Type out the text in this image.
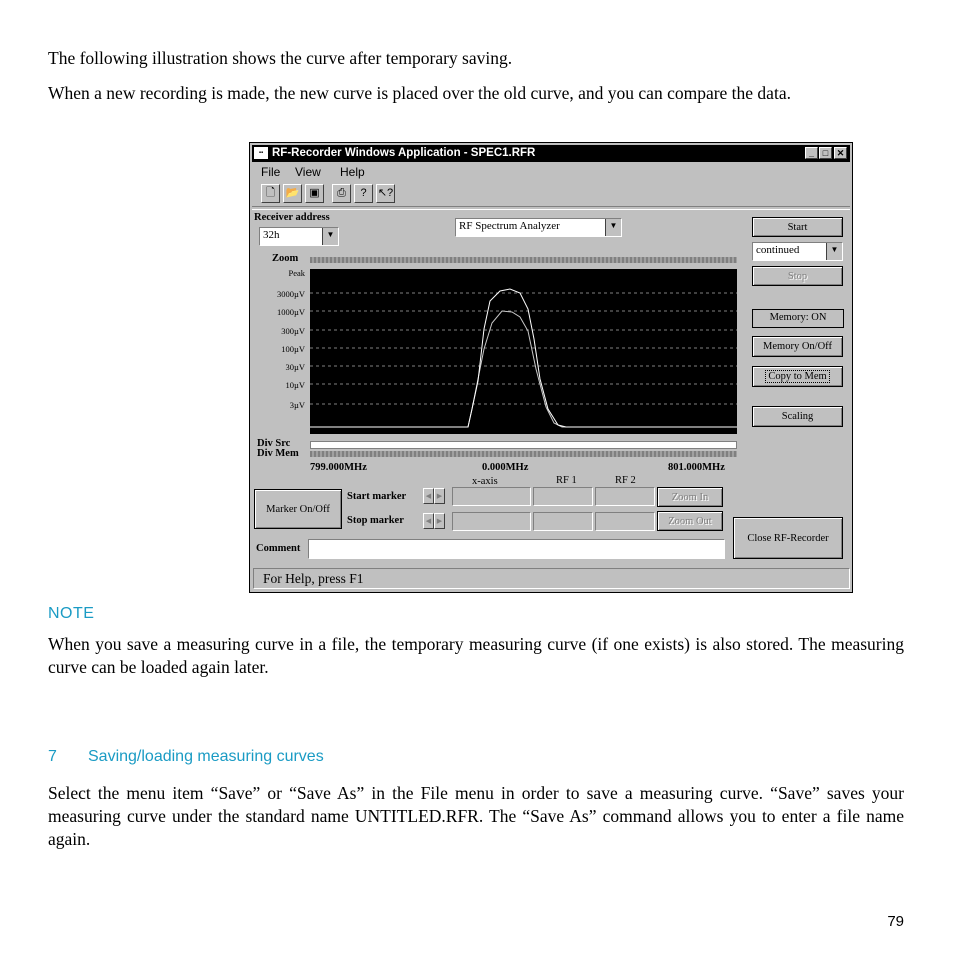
The following illustration shows the curve after temporary saving.

When a new recording is made, the new curve is placed over the old curve, and you can compare the data.

▪▪ RF-Recorder Windows Application - SPEC1.RFR	_ □ ✕
File View Help
🗋 📂 ▣	⎙	?	↖?
Receiver address
32h	▼
RF Spectrum Analyzer	▼
Zoom
Peak
3000µV
1000µV
300µV
100µV
30µV
10µV
3µV
Div Src
Div Mem
799.000MHz	0.000MHz	801.000MHz
x-axis	RF 1	RF 2
Start
continued	▼
Stop
Memory: ON
Memory On/Off
Copy to Mem
Scaling
Marker On/Off
Start marker
Stop marker
◀ ▶
◀ ▶
Zoom In
Zoom Out
Close RF-Recorder
Comment
For Help, press F1
NOTE

When you save a measuring curve in a file, the temporary measuring curve (if one exists) is also stored. The measuring curve can be loaded again later.

7 Saving/loading measuring curves

Select the menu item “Save” or “Save As” in the File menu in order to save a measuring curve. “Save” saves your measuring curve under the standard name UNTITLED.RFR. The “Save As” command allows you to enter a file name again.

79
